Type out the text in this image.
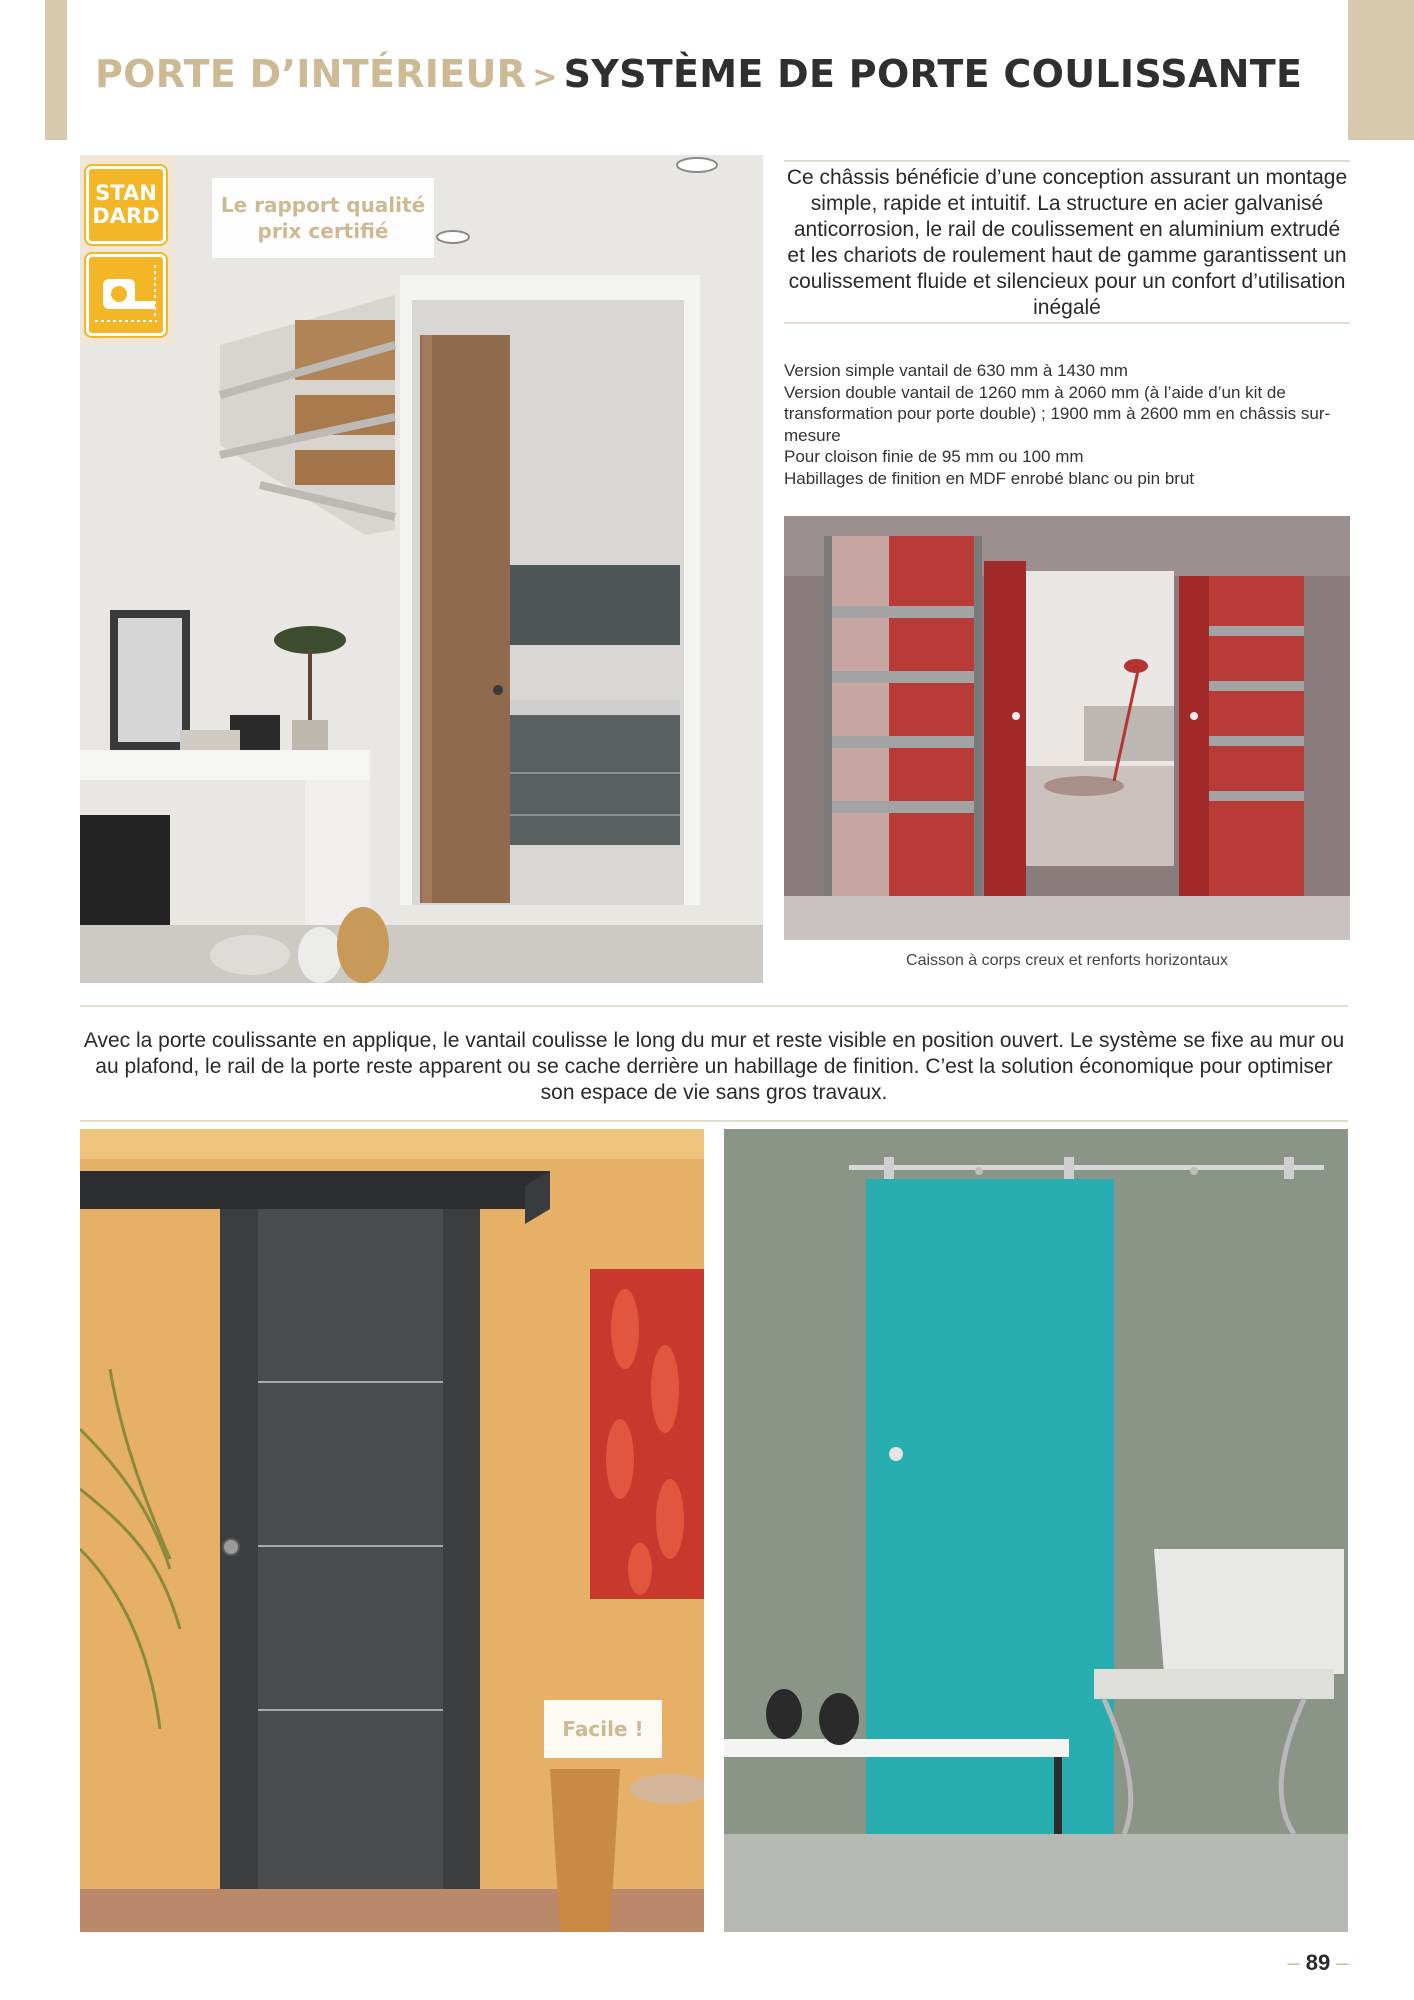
PORTE D’INTÉRIEUR > SYSTÈME DE PORTE COULISSANTE
STAN DARD	Le rapport qualité prix certifié
Ce châssis bénéficie d’une conception assurant un montage simple, rapide et intuitif. La structure en acier galvanisé anticorrosion, le rail de coulissement en aluminium extrudé et les chariots de roulement haut de gamme garantissent un coulissement fluide et silencieux pour un confort d’utilisation inégalé
Version simple vantail de 630 mm à 1430 mm
Version double vantail de 1260 mm à 2060 mm (à l’aide d’un kit de transformation pour porte double) ; 1900 mm à 2600 mm en châssis sur-mesure
Pour cloison finie de 95 mm ou 100 mm
Habillages de finition en MDF enrobé blanc ou pin brut
Caisson à corps creux et renforts horizontaux
Avec la porte coulissante en applique, le vantail coulisse le long du mur et reste visible en position ouvert. Le système se fixe au mur ou au plafond, le rail de la porte reste apparent ou se cache derrière un habillage de finition. C’est la solution économique pour optimiser son espace de vie sans gros travaux.
Facile !
– 89 –
